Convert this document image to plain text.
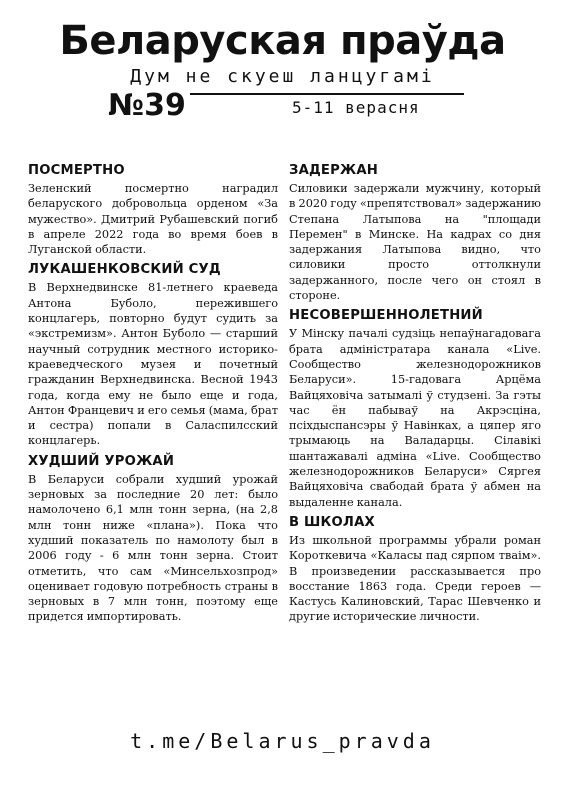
Беларуская праўда
Дум не скуеш ланцугамі
№39	5-11 верасня
ПОСМЕРТНО

Зеленский посмертно наградил беларуского добровольца орденом «За мужество». Дмитрий Рубашевский погиб в апреле 2022 года во время боев в Луганской области.

ЛУКАШЕНКОВСКИЙ СУД

В Верхнедвинске 81-летнего краеведа Антона Буболо, пережившего концлагерь, повторно будут судить за «экстремизм». Антон Буболо — старший научный сотрудник местного историко-краеведческого музея и почетный гражданин Верхнедвинска. Весной 1943 года, когда ему не было еще и года, Антон Францевич и его семья (мама, брат и сестра) попали в Саласпилсский концлагерь.

ХУДШИЙ УРОЖАЙ

В Беларуси собрали худший урожай зерновых за последние 20 лет: было намолочено 6,1 млн тонн зерна, (на 2,8 млн тонн ниже «плана»). Пока что худший показатель по намолоту был в 2006 году - 6 млн тонн зерна. Стоит отметить, что сам «Минсельхозпрод» оценивает годовую потребность страны в зерновых в 7 млн тонн, поэтому еще придется импортировать.

ЗАДЕРЖАН

Силовики задержали мужчину, который в 2020 году «препятствовал» задержанию Степана Латыпова на "площади Перемен" в Минске. На кадрах со дня задержания Латыпова видно, что силовики просто оттолкнули задержанного, после чего он стоял в стороне.

НЕСОВЕРШЕННОЛЕТНИЙ

У Мінску пачалі судзіць непаўнагадовага брата адміністратара канала «Live. Сообщество железнодорожников Беларуси». 15-гадовага Арцёма Вайцяховіча затымалі ў студзені. За гэты час ён пабываў на Акрэсціна, псіхдыспансэры ў Навінках, а цяпер яго трымаюць на Валадарцы. Сілавікі шантажавалі адміна «Live. Сообщество железнодорожников Беларуси» Сяргея Вайцяховіча свабодай брата ў абмен на выдаленне канала.

В ШКОЛАХ

Из школьной программы убрали роман Короткевича «Каласы пад сярпом тваім». В произведении рассказывается про восстание 1863 года. Среди героев — Кастусь Калиновский, Тарас Шевченко и другие исторические личности.

t.me/Belarus_pravda
